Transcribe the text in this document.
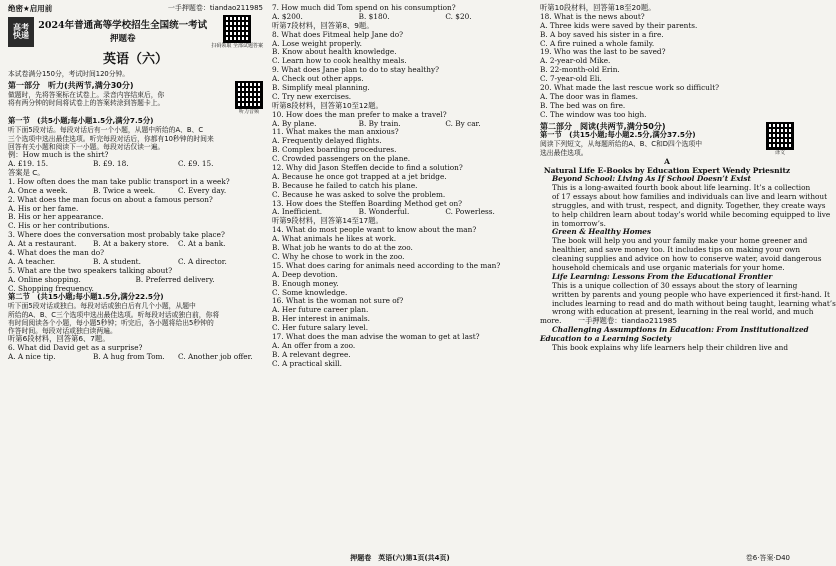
绝密★启用前	一手押题卷：tiandao211985
高考
快递
2024年普通高等学校招生全国统一考试
押题卷
扫码领取 全部试题答案
英语（六）
本试卷满分150分，考试时间120分钟。
第一部分　听力(共两节,满分30分)
做题时，先将答案标在试卷上。录音内容结束后，你
将有两分钟的时间将试卷上的答案转涂到答题卡上。
听力音频
第一节　(共5小题;每小题1.5分,满分7.5分)
听下面5段对话。每段对话后有一个小题，从题中所给的A、B、C
三个选项中选出最佳选项。听完每段对话后，你都有10秒钟的时间来
回答有关小题和阅读下一小题。每段对话仅读一遍。
例：How much is the shirt?
A. £19. 15.	B. £9. 18.	C. £9. 15.
答案是 C。
1. How often does the man take public transport in a week?
A. Once a week.	B. Twice a week.	C. Every day.
2. What does the man focus on about a famous person?
A. His or her fame.
B. His or her appearance.
C. His or her contributions.
3. Where does the conversation most probably take place?
A. At a restaurant.	B. At a bakery store.	C. At a bank.
4. What does the man do?
A. A teacher.	B. A student.	C. A director.
5. What are the two speakers talking about?
A. Online shopping.	B. Preferred delivery.
C. Shopping frequency.
第二节　(共15小题;每小题1.5分,满分22.5分)
听下面5段对话或独白。每段对话或独白后有几个小题，从题中
所给的A、B、C三个选项中选出最佳选项。听每段对话或独白前，你将
有时间阅读各个小题，每小题5秒钟；听完后，各小题将给出5秒钟的
作答时间。每段对话或独白读两遍。
听第6段材料，回答第6、7题。
6. What did David get as a surprise?
A. A nice tip.	B. A hug from Tom.	C. Another job offer.
7. How much did Tom spend on his consumption?
A. $200.	B. $180.	C. $20.
听第7段材料，回答第8、9题。
8. What does Fitmeal help Jane do?
A. Lose weight properly.
B. Know about health knowledge.
C. Learn how to cook healthy meals.
9. What does Jane plan to do to stay healthy?
A. Check out other apps.
B. Simplify meal planning.
C. Try new exercises.
听第8段材料，回答第10至12题。
10. How does the man prefer to make a travel?
A. By plane.	B. By train.	C. By car.
11. What makes the man anxious?
A. Frequently delayed flights.
B. Complex boarding procedures.
C. Crowded passengers on the plane.
12. Why did Jason Steffen decide to find a solution?
A. Because he once got trapped at a jet bridge.
B. Because he failed to catch his plane.
C. Because he was asked to solve the problem.
13. How does the Steffen Boarding Method get on?
A. Inefficient.	B. Wonderful.	C. Powerless.
听第9段材料，回答第14至17题。
14. What do most people want to know about the man?
A. What animals he likes at work.
B. What job he wants to do at the zoo.
C. Why he chose to work in the zoo.
15. What does caring for animals need according to the man?
A. Deep devotion.
B. Enough money.
C. Some knowledge.
16. What is the woman not sure of?
A. Her future career plan.
B. Her interest in animals.
C. Her future salary level.
17. What does the man advise the woman to get at last?
A. An offer from a zoo.
B. A relevant degree.
C. A practical skill.
听第10段材料，回答第18至20题。
18. What is the news about?
A. Three kids were saved by their parents.
B. A boy saved his sister in a fire.
C. A fire ruined a whole family.
19. Who was the last to be saved?
A. 2-year-old Mike.
B. 22-month-old Erin.
C. 7-year-old Eli.
20. What made the last rescue work so difficult?
A. The door was in flames.
B. The bed was on fire.
C. The window was too high.
第二部分　阅读(共两节,满分50分)
第一节　(共15小题;每小题2.5分,满分37.5分)
阅读下列短文，从每题所给的A、B、C和D四个选项中
选出最佳选项。	译文
A
Natural Life E-Books by Education Expert Wendy Priesnitz
Beyond School: Living As If School Doesn’t Exist
This is a long-awaited fourth book about life learning. It’s a collection
of 17 essays about how families and individuals can live and learn without
struggles, and with trust, respect, and dignity. Together, they create ways
to help children learn about today’s world while becoming equipped to live
in tomorrow’s.
Green & Healthy Homes
The book will help you and your family make your home greener and
healthier, and save money too. It includes tips on making your own
cleaning supplies and advice on how to conserve water, avoid dangerous
household chemicals and use organic materials for your home.
Life Learning: Lessons From the Educational Frontier
This is a unique collection of 30 essays about the story of learning
written by parents and young people who have experienced it first-hand. It
includes learning to read and do math without being taught, learning what’s
wrong with education at present, learning in the real world, and much
more. 一手押题卷：tiandao211985
Challenging Assumptions in Education: From Institutionalized
Education to a Learning Society
This book explains why life learners help their children live and
押题卷　英语(六)第1页(共4页)	卷6·答案·D40
